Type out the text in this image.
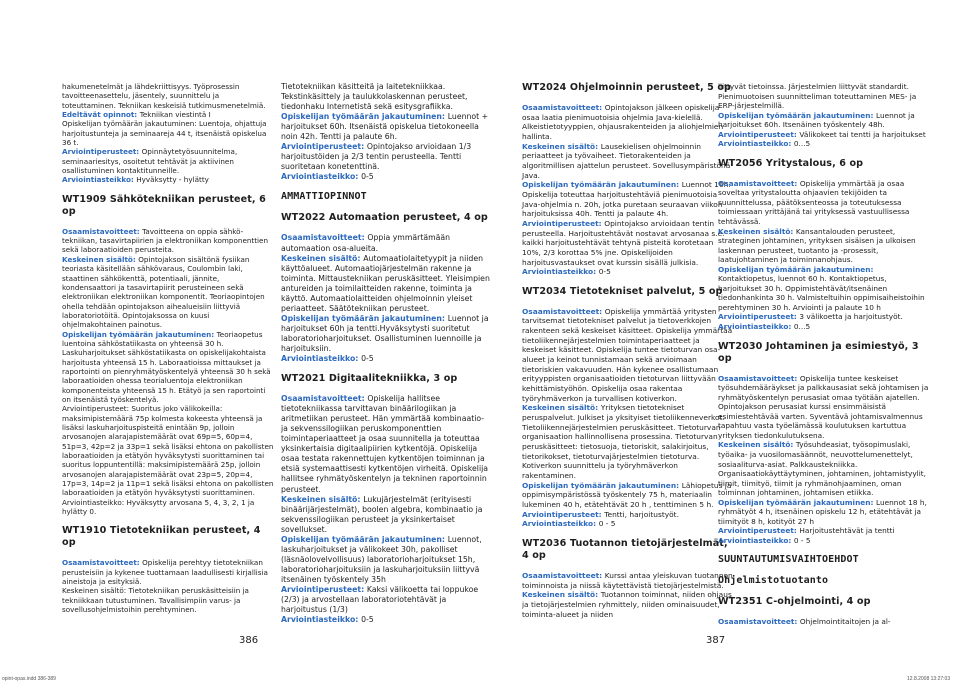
hakumenetelmät ja lähdekriittisyys. Työprosessin tavoitteenasettelu, jäsentely, suunnittelu ja toteuttaminen. Tekniikan keskeisiä tutkimusmenetelmiä.

Edeltävät opinnot: Tekniikan viestintä I

Opiskelijan työmäärän jakautuminen: Luentoja, ohjattuja harjoitustunteja ja seminaareja 44 t, itsenäistä opiskelua 36 t.

Arviointiperusteet: Opinnäytetyösuunnitelma, seminaariesitys, osoitetut tehtävät ja aktiivinen osallistuminen kontaktitunneille.

Arviointiasteikko: Hyväksytty - hylätty

WT1909 Sähkötekniikan perusteet, 6 op

Osaamistavoitteet: Tavoitteena on oppia sähkötekniikan, tasavirtapiirien ja elektroniikan komponenttien sekä laboraatioiden perusteita.

Keskeinen sisältö: Opintojakson sisältönä fysiikan teoriasta käsitellään sähkövaraus, Coulombin laki, staattinen sähkökenttä, potentiaali, jännite, kondensaattori ja tasavirtapiirit perusteineen sekä elektroniikan elektroniikan komponentit. Teoriaopintojen ohella tehdään opintojakson aihealueisiin liittyviä laboratoriotöitä. Opintojaksossa on kuusi ohjelmakohtainen painotus.

Opiskelijan työmäärän jakautuminen: Teoriaopetus luentoina sähköstatiikasta on yhteensä 30 h. Laskuharjoitukset sähköstatiikasta on opiskelijakohtaista harjoitusta yhteensä 15 h. Laboraatioissa mittaukset ja raportointi on pienryhmätyöskentelyä yhteensä 30 h sekä laboraatioiden ohessa teorialuentoja elektroniikan komponenteista yhteensä 15 h. Etätyö ja sen raportointi on itsenäistä työskentelyä.

Arviointiperusteet: Suoritus joko välikokeilla: maksimipistemäärä 75p kolmesta kokeesta yhteensä ja lisäksi laskuharjoituspisteitä enintään 9p, jolloin arvosanojen alarajapistemäärät ovat 69p=5, 60p=4, 51p=3, 42p=2 ja 33p=1 sekä lisäksi ehtona on pakollisten laboraatioiden ja etätyön hyväksytysti suorittaminen tai suoritus loppuntentillä: maksimipistemäärä 25p, jolloin arvosanojen alarajapistemäärät ovat 23p=5, 20p=4, 17p=3, 14p=2 ja 11p=1 sekä lisäksi ehtona on pakollisten laboraatioiden ja etätyön hyväksytysti suorittaminen.

Arviointiasteikko: Hyväksytty arvosana 5, 4, 3, 2, 1 ja hylätty 0.

WT1910 Tietotekniikan perusteet, 4 op

Osaamistavoitteet: Opiskelija perehtyy tietotekniikan perusteisiin ja kykenee tuottamaan laadullisesti kirjallisia aineistoja ja esityksiä.

Keskeinen sisältö: Tietotekniikan peruskäsitteisiin ja tekniikkaan tutustuminen. Tavallisimpiin varus- ja sovellusohjelmistoihin perehtyminen.

Tietotekniikan käsitteitä ja laitetekniikkaa. Tekstinkäsittely ja taulukkolaskennan perusteet, tiedonhaku Internetistä sekä esitysgrafiikka.

Opiskelijan työmäärän jakautuminen: Luennot + harjoitukset 60h. Itsenäistä opiskelua tietokoneella noin 42h. Tentti ja palaute 6h.

Arviointiperusteet: Opintojakso arvioidaan 1/3 harjoitustöiden ja 2/3 tentin perusteella. Tentti suoritetaan konetenttinä.

Arviointiasteikko: 0-5

AMMATTIOPINNOT
WT2022 Automaation perusteet, 4 op

Osaamistavoitteet: Oppia ymmärtämään automaation osa-alueita.

Keskeinen sisältö: Automaatiolaitetyypit ja niiden käyttöalueet. Automaatiojärjestelmän rakenne ja toiminta. Mittaustekniikan peruskäsitteet. Yleisimpien antureiden ja toimilaitteiden rakenne, toiminta ja käyttö. Automaatiolaitteiden ohjelmoinnin yleiset periaatteet. Säätötekniikan perusteet.

Opiskelijan työmäärän jakautuminen: Luennot ja harjoitukset 60h ja tentti.Hyväksytysti suoritetut laboratorioharjoitukset. Osallistuminen luennoille ja harjoituksiin.

Arviointiasteikko: 0-5

WT2021 Digitaalitekniikka, 3 op

Osaamistavoitteet: Opiskelija hallitsee tietotekniikassa tarvittavan binäärilogiikan ja aritmetiikan perusteet. Hän ymmärtää kombinaatio- ja sekvenssilogiikan peruskomponenttien toimintaperiaatteet ja osaa suunnitella ja toteuttaa yksinkertaisia digitaalipiirien kytkentöjä. Opiskelija osaa testata rakennettujen kytkentöjen toiminnan ja etsiä systemaattisesti kytkentöjen virheitä. Opiskelija hallitsee ryhmätyöskentelyn ja tekninen raportoinnin perusteet.

Keskeinen sisältö: Lukujärjestelmät (erityisesti binäärijärjestelmät), boolen algebra, kombinaatio ja sekvenssilogiikan perusteet ja yksinkertaiset sovellukset.

Opiskelijan työmäärän jakautuminen: Luennot, laskuharjoitukset ja välikokeet 30h, pakolliset (läsnäolovelvollisuus) laboratorioharjoitukset 15h, laboratorioharjoituksiin ja laskuharjoituksiin liittyvä itsenäinen työskentely 35h

Arviointiperusteet: Kaksi välikoetta tai loppukoe (2/3) ja arvostellaan laboratoriotehtävät ja harjoitustus (1/3)

Arviointiasteikko: 0-5

WT2024 Ohjelmoinnin perusteet, 5 op

Osaamistavoitteet: Opintojakson jälkeen opiskelija osaa laatia pienimuotoisia ohjelmia Java-kielellä. Alkeistietotyyppien, ohjausrakenteiden ja aliohjelmien hallinta.

Keskeinen sisältö: Lausekielisen ohjelmoinnin periaatteet ja työvaiheet. Tietorakenteiden ja algoritmillisen ajattelun perusteet. Sovellusympäristönä Java.

Opiskelijan työmäärän jakautuminen: Luennot 16h. Opiskelija toteuttaa harjoitustehtäviä pienimuotoisia Java-ohjelmia n. 20h, jotka puretaan seuraavan viikon harjoituksissa 40h. Tentti ja palaute 4h.

Arviointiperusteet: Opintojakso arvioidaan tentin perusteella. Harjoitustehtävät nostavat arvosanaa s.e. kaikki harjoitustehtävät tehtynä pisteitä korotetaan 10%, 2/3 korottaa 5% jne. Opiskelijoiden harjoitusvastaukset ovat kurssin sisällä julkisia.

Arviointiasteikko: 0-5

WT2034 Tietotekniset palvelut, 5 op

Osaamistavoitteet: Opiskelija ymmärtää yritysten tarvitsemat tietotekniset palvelut ja tietoverkkojen rakenteen sekä keskeiset käsitteet. Opiskelija ymmärtää tietoliikennejärjestelmien toimintaperiaatteet ja keskeiset käsitteet. Opiskelija tuntee tietoturvan osa-alueet ja keinot tunnistamaan sekä arvioimaan tietoriskien vakavuuden. Hän kykenee osallistumaan erityyppisten organisaatioiden tietoturvan liittyvään kehittämistyöhön. Opiskelija osaa rakentaa työryhmäverkon ja turvallisen kotiverkon.

Keskeinen sisältö: Yrityksen tietotekniset peruspalvelut. Julkiset ja yksityiset tietoliikenneverkot. Tietoliikennejärjestelmien peruskäsitteet. Tietoturvan organisaation hallinnollisena prosessina. Tietoturvan peruskäsitteet: tietosuoja, tietoriskit, salakirjoitus, tietorikokset, tietoturvajärjestelmien tietoturva. Kotiverkon suunnittelu ja työryhmäverkon rakentaminen.

Opiskelijan työmäärän jakautuminen: Lähiopetus ja oppimisympäristössä työskentely 75 h, materiaalin lukeminen 40 h, etätehtävät 20 h , tenttiminen 5 h.

Arviointiperusteet: Tentti, harjoitustyöt.

Arviointiasteikko: 0 - 5

WT2036 Tuotannon tietojärjestelmät, 4 op

Osaamistavoitteet: Kurssi antaa yleiskuvan tuotannon toiminnoista ja niissä käytettävistä tietojärjestelmistä.

Keskeinen sisältö: Tuotannon toiminnat, niiden ohjaus ja tietojärjestelmien ryhmittely, niiden ominaisuudet, toiminta-alueet ja niiden

liittyvät tietoinssa. Järjestelmien liittyvät standardit. Pienimuotoisen suunnitteliman toteuttaminen MES- ja ERP-järjestelmillä.

Opiskelijan työmäärän jakautuminen: Luennot ja harjoitukset 60h. Itsenäinen työskentely 48h.

Arviointiperusteet: Välikokeet tai tentti ja harjoitukset

Arviointiasteikko: 0...5

WT2056 Yritystalous, 6 op

Osaamistavoitteet: Opiskelija ymmärtää ja osaa soveltaa yritystaloutta ohjaavien tekijöiden ta suunnittelussa, päätöksenteossa ja toteutuksessa toimiessaan yrittäjänä tai yrityksessä vastuullisessa tehtävässä.

Keskeinen sisältö: Kansantalouden perusteet, strateginen johtaminen, yrityksen sisäisen ja ulkoisen laskennan perusteet, tuotanto ja -prosessit, laatujohtaminen ja toiminnanohjaus.

Opiskelijan työmäärän jakautuminen: Kontaktiopetus, luennot 60 h. Kontaktiopetus, harjoitukset 30 h. Oppimistehtävät/itsenäinen tiedonhankinta 30 h. Valmisteltuihin oppimisaiheistoihin perehtyminen 30 h. Arviointi ja palaute 10 h

Arviointiperusteet: 3 välikoetta ja harjoitustyöt.

Arviointiasteikko: 0...5

WT2030 Johtaminen ja esimiestyö, 3 op

Osaamistavoitteet: Opiskelija tuntee keskeiset työsuhdemääräykset ja palkkausasiat sekä johtamisen ja ryhmätyöskentelyn perusasiat omaa työtään ajatellen. Opintojakson perusasiat kurssi ensimmäisistä esimiestehtävää varten. Syventävä johtamisvalmennus tapahtuu vasta työelämässä koulutuksen kartuttua yrityksen tiedonkulutuksena.

Keskeinen sisältö: Työsuhdeasiat, työsopimuslaki, työaika- ja vuosilomasäännöt, neuvottelumenettelyt, sosiaaliturva-asiat. Palkkaustekniikka. Organisaatiokäyttäytyminen, johtaminen, johtamistyylit, tiimit, tiimityö, tiimit ja ryhmänohjaaminen, oman toiminnan johtaminen, johtamisen etiikka.

Opiskelijan työmäärän jakautuminen: Luennot 18 h, ryhmätyöt 4 h, itsenäinen opiskelu 12 h, etätehtävät ja tiimityöt 8 h, kotityöt 27 h

Arviointiperusteet: Harjoitustehtävät ja tentti

Arviointiasteikko: 0 - 5

SUUNTAUTUMISVAIHTOEHDOT
Ohjelmistotuotanto
WT2351 C-ohjelmointi, 4 op

Osaamistavoitteet: Ohjelmointitaitojen ja al-

386	387
opint-opas.indd 386-389	12.8.2008 13:27:03
